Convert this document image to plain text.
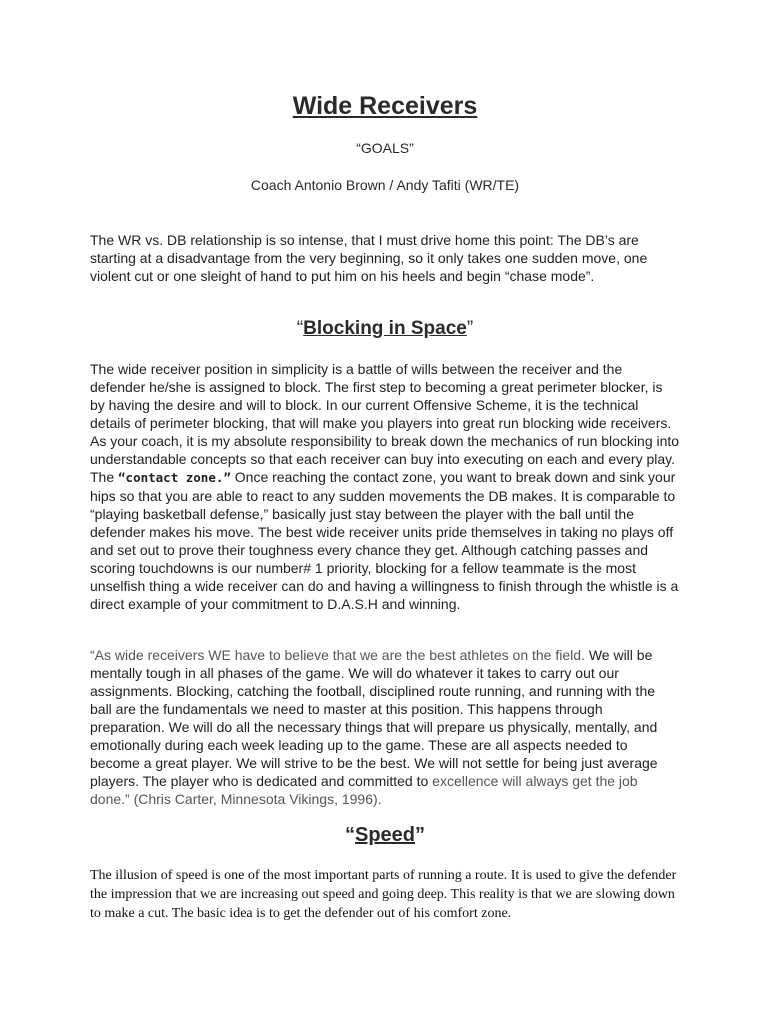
Wide Receivers

“GOALS”

Coach Antonio Brown / Andy Tafiti (WR/TE)

The WR vs. DB relationship is so intense, that I must drive home this point: The DB’s are starting at a disadvantage from the very beginning, so it only takes one sudden move, one violent cut or one sleight of hand to put him on his heels and begin “chase mode”.

“Blocking in Space”

The wide receiver position in simplicity is a battle of wills between the receiver and the defender he/she is assigned to block. The first step to becoming a great perimeter blocker, is by having the desire and will to block. In our current Offensive Scheme, it is the technical details of perimeter blocking, that will make you players into great run blocking wide receivers. As your coach, it is my absolute responsibility to break down the mechanics of run blocking into understandable concepts so that each receiver can buy into executing on each and every play. The “contact zone.” Once reaching the contact zone, you want to break down and sink your hips so that you are able to react to any sudden movements the DB makes. It is comparable to “playing basketball defense,” basically just stay between the player with the ball until the defender makes his move. The best wide receiver units pride themselves in taking no plays off and set out to prove their toughness every chance they get. Although catching passes and scoring touchdowns is our number# 1 priority, blocking for a fellow teammate is the most unselfish thing a wide receiver can do and having a willingness to finish through the whistle is a direct example of your commitment to D.A.S.H and winning.

“As wide receivers WE have to believe that we are the best athletes on the field. We will be mentally tough in all phases of the game. We will do whatever it takes to carry out our assignments. Blocking, catching the football, disciplined route running, and running with the ball are the fundamentals we need to master at this position. This happens through preparation. We will do all the necessary things that will prepare us physically, mentally, and emotionally during each week leading up to the game. These are all aspects needed to become a great player. We will strive to be the best. We will not settle for being just average players. The player who is dedicated and committed to excellence will always get the job done.” (Chris Carter, Minnesota Vikings, 1996).

“Speed”

The illusion of speed is one of the most important parts of running a route. It is used to give the defender the impression that we are increasing out speed and going deep. This reality is that we are slowing down to make a cut. The basic idea is to get the defender out of his comfort zone.
